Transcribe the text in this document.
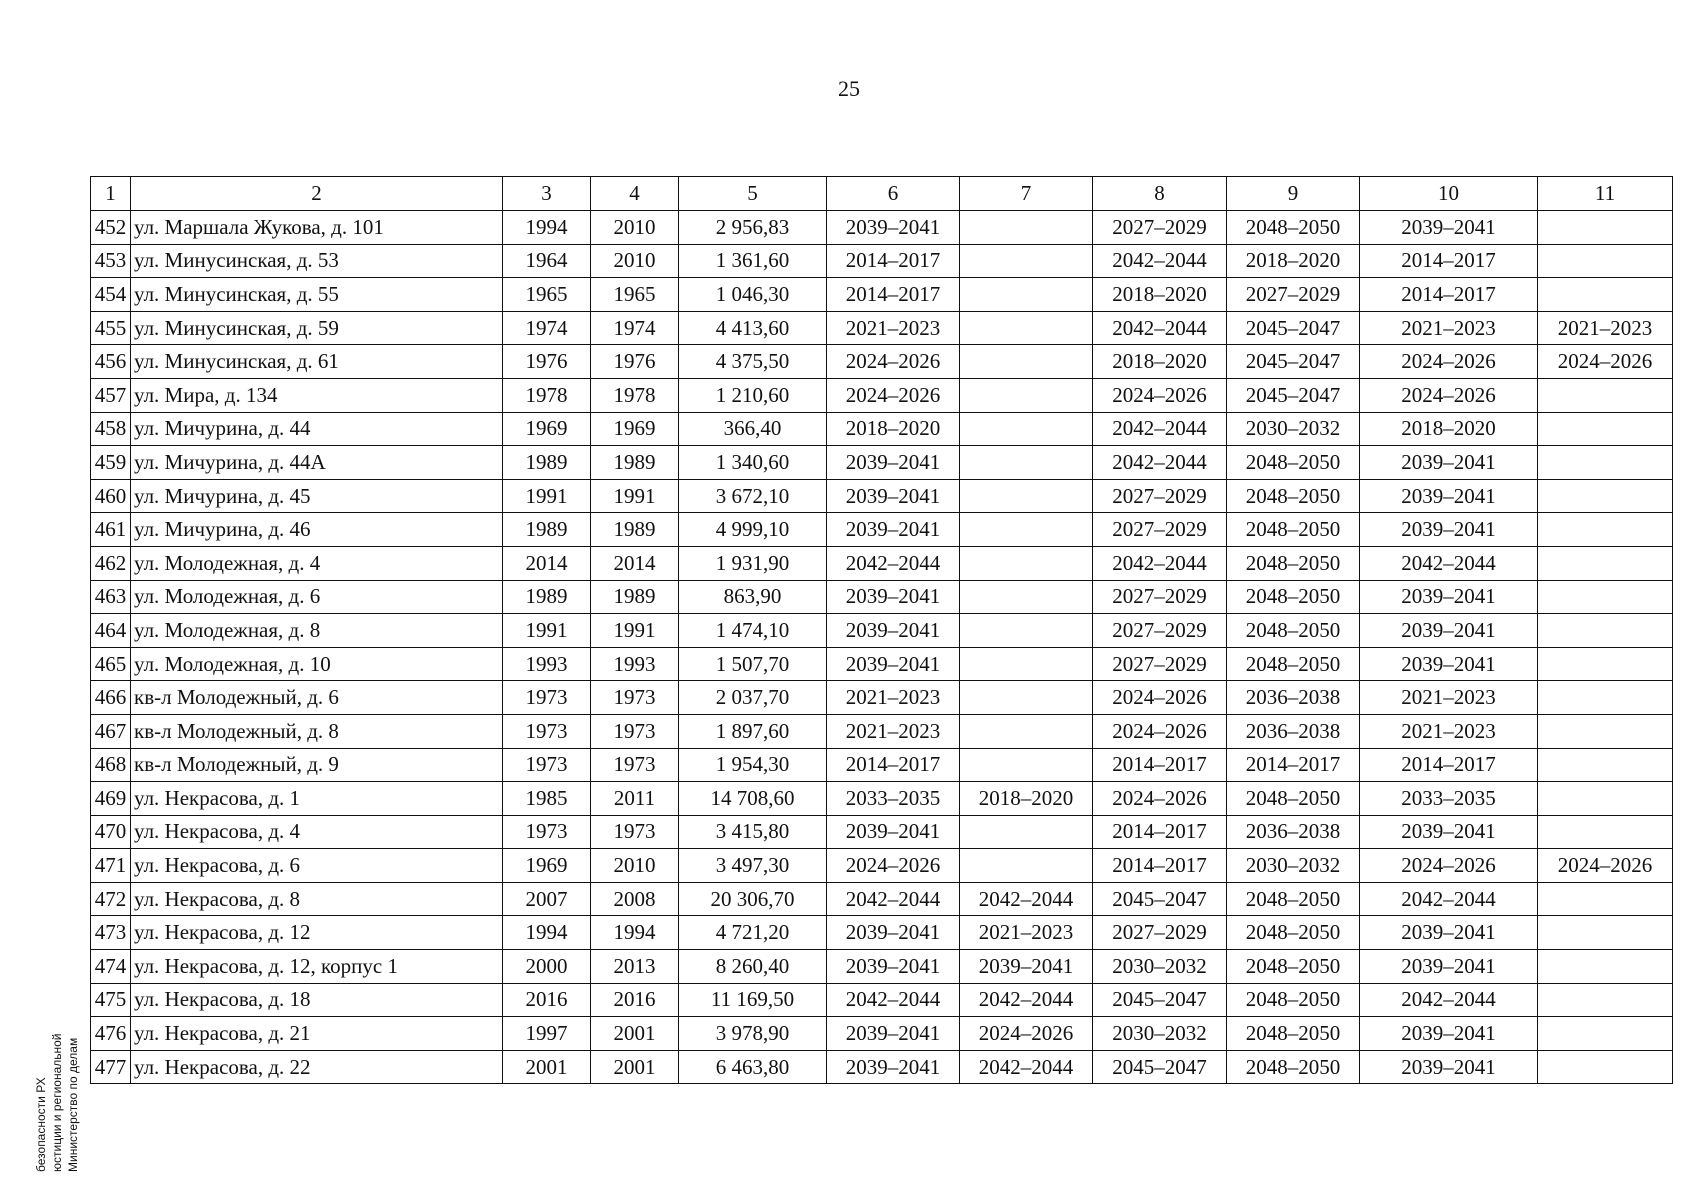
25
1	2	3	4	5	6	7	8	9	10	11
452	ул. Маршала Жукова, д. 101	1994	2010	2 956,83	2039–2041		2027–2029	2048–2050	2039–2041	
453	ул. Минусинская, д. 53	1964	2010	1 361,60	2014–2017		2042–2044	2018–2020	2014–2017	
454	ул. Минусинская, д. 55	1965	1965	1 046,30	2014–2017		2018–2020	2027–2029	2014–2017	
455	ул. Минусинская, д. 59	1974	1974	4 413,60	2021–2023		2042–2044	2045–2047	2021–2023	2021–2023
456	ул. Минусинская, д. 61	1976	1976	4 375,50	2024–2026		2018–2020	2045–2047	2024–2026	2024–2026
457	ул. Мира, д. 134	1978	1978	1 210,60	2024–2026		2024–2026	2045–2047	2024–2026	
458	ул. Мичурина, д. 44	1969	1969	366,40	2018–2020		2042–2044	2030–2032	2018–2020	
459	ул. Мичурина, д. 44А	1989	1989	1 340,60	2039–2041		2042–2044	2048–2050	2039–2041	
460	ул. Мичурина, д. 45	1991	1991	3 672,10	2039–2041		2027–2029	2048–2050	2039–2041	
461	ул. Мичурина, д. 46	1989	1989	4 999,10	2039–2041		2027–2029	2048–2050	2039–2041	
462	ул. Молодежная, д. 4	2014	2014	1 931,90	2042–2044		2042–2044	2048–2050	2042–2044	
463	ул. Молодежная, д. 6	1989	1989	863,90	2039–2041		2027–2029	2048–2050	2039–2041	
464	ул. Молодежная, д. 8	1991	1991	1 474,10	2039–2041		2027–2029	2048–2050	2039–2041	
465	ул. Молодежная, д. 10	1993	1993	1 507,70	2039–2041		2027–2029	2048–2050	2039–2041	
466	кв-л Молодежный, д. 6	1973	1973	2 037,70	2021–2023		2024–2026	2036–2038	2021–2023	
467	кв-л Молодежный, д. 8	1973	1973	1 897,60	2021–2023		2024–2026	2036–2038	2021–2023	
468	кв-л Молодежный, д. 9	1973	1973	1 954,30	2014–2017		2014–2017	2014–2017	2014–2017	
469	ул. Некрасова, д. 1	1985	2011	14 708,60	2033–2035	2018–2020	2024–2026	2048–2050	2033–2035	
470	ул. Некрасова, д. 4	1973	1973	3 415,80	2039–2041		2014–2017	2036–2038	2039–2041	
471	ул. Некрасова, д. 6	1969	2010	3 497,30	2024–2026		2014–2017	2030–2032	2024–2026	2024–2026
472	ул. Некрасова, д. 8	2007	2008	20 306,70	2042–2044	2042–2044	2045–2047	2048–2050	2042–2044	
473	ул. Некрасова, д. 12	1994	1994	4 721,20	2039–2041	2021–2023	2027–2029	2048–2050	2039–2041	
474	ул. Некрасова, д. 12, корпус 1	2000	2013	8 260,40	2039–2041	2039–2041	2030–2032	2048–2050	2039–2041	
475	ул. Некрасова, д. 18	2016	2016	11 169,50	2042–2044	2042–2044	2045–2047	2048–2050	2042–2044	
476	ул. Некрасова, д. 21	1997	2001	3 978,90	2039–2041	2024–2026	2030–2032	2048–2050	2039–2041	
477	ул. Некрасова, д. 22	2001	2001	6 463,80	2039–2041	2042–2044	2045–2047	2048–2050	2039–2041	
Министерство по делам
юстиции и региональной
безопасности РХ
